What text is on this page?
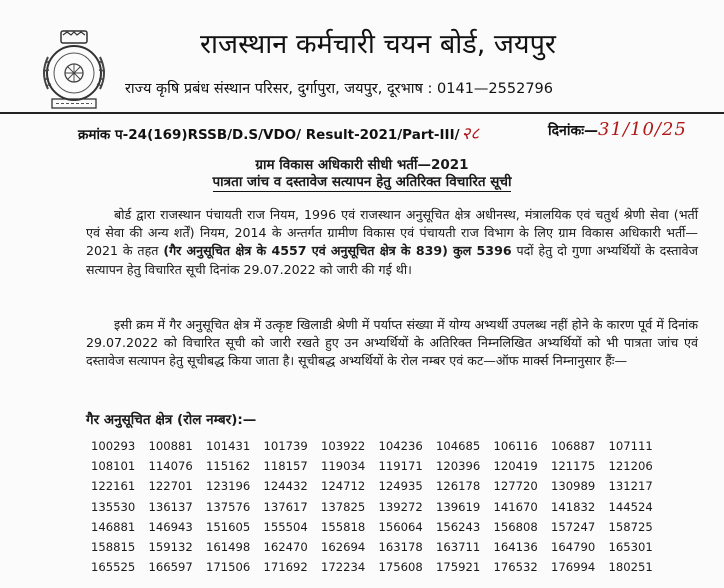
राजस्थान कर्मचारी चयन बोर्ड, जयपुर
राज्य कृषि प्रबंध संस्थान परिसर, दुर्गापुरा, जयपुर, दूरभाष : 0141—2552796
क्रमांक प-24(169)RSSB/D.S/VDO/ Result-2021/Part-III/ २८	दिनांकः—31/10/25
ग्राम विकास अधिकारी सीधी भर्ती—2021
पात्रता जांच व दस्तावेज सत्यापन हेतु अतिरिक्त विचारित सूची
बोर्ड द्वारा राजस्थान पंचायती राज नियम, 1996 एवं राजस्थान अनुसूचित क्षेत्र अधीनस्थ, मंत्रालयिक एवं चतुर्थ श्रेणी सेवा (भर्ती एवं सेवा की अन्य शर्तें) नियम, 2014 के अन्तर्गत ग्रामीण विकास एवं पंचायती राज विभाग के लिए ग्राम विकास अधिकारी भर्ती—2021 के तहत (गैर अनुसूचित क्षेत्र के 4557 एवं अनुसूचित क्षेत्र के 839) कुल 5396 पदों हेतु दो गुणा अभ्यर्थियों के दस्तावेज सत्यापन हेतु विचारित सूची दिनांक 29.07.2022 को जारी की गई थी।
इसी क्रम में गैर अनुसूचित क्षेत्र में उत्कृष्ट खिलाडी श्रेणी में पर्याप्त संख्या में योग्य अभ्यर्थी उपलब्ध नहीं होने के कारण पूर्व में दिनांक 29.07.2022 को विचारित सूची को जारी रखते हुए उन अभ्यर्थियों के अतिरिक्त निम्नलिखित अभ्यर्थियों को भी पात्रता जांच एवं दस्तावेज सत्यापन हेतु सूचीबद्ध किया जाता है। सूचीबद्ध अभ्यर्थियों के रोल नम्बर एवं कट—ऑफ मार्क्स निम्नानुसार हैंः—
गैर अनुसूचित क्षेत्र (रोल नम्बर):—
100293	100881	101431	101739	103922	104236	104685	106116	106887	107111
108101	114076	115162	118157	119034	119171	120396	120419	121175	121206
122161	122701	123196	124432	124712	124935	126178	127720	130989	131217
135530	136137	137576	137617	137825	139272	139619	141670	141832	144524
146881	146943	151605	155504	155818	156064	156243	156808	157247	158725
158815	159132	161498	162470	162694	163178	163711	164136	164790	165301
165525	166597	171506	171692	172234	175608	175921	176532	176994	180251
